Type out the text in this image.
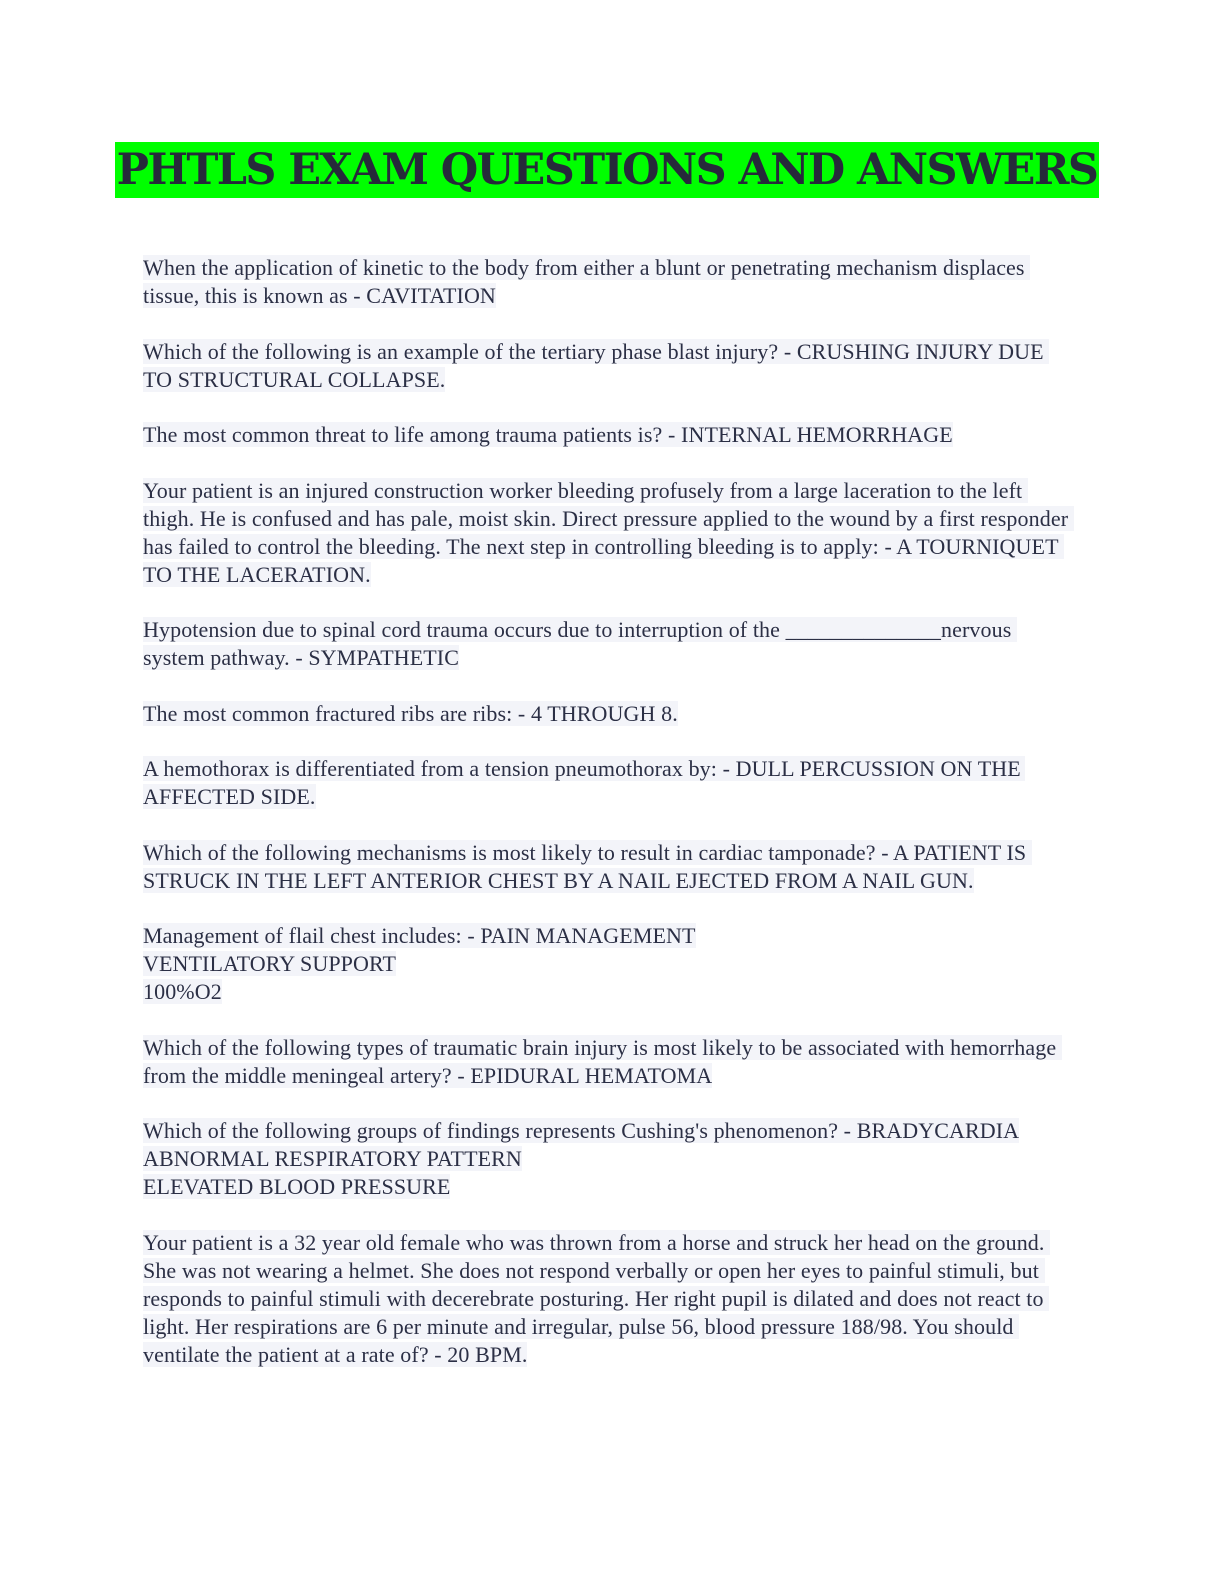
PHTLS EXAM QUESTIONS AND ANSWERS

When the application of kinetic to the body from either a blunt or penetrating mechanism displaces tissue, this is known as - CAVITATION

Which of the following is an example of the tertiary phase blast injury? - CRUSHING INJURY DUE TO STRUCTURAL COLLAPSE.

The most common threat to life among trauma patients is? - INTERNAL HEMORRHAGE

Your patient is an injured construction worker bleeding profusely from a large laceration to the left thigh. He is confused and has pale, moist skin. Direct pressure applied to the wound by a first responder has failed to control the bleeding. The next step in controlling bleeding is to apply: - A TOURNIQUET TO THE LACERATION.

Hypotension due to spinal cord trauma occurs due to interruption of the ______________nervous system pathway. - SYMPATHETIC

The most common fractured ribs are ribs: - 4 THROUGH 8.

A hemothorax is differentiated from a tension pneumothorax by: - DULL PERCUSSION ON THE AFFECTED SIDE.

Which of the following mechanisms is most likely to result in cardiac tamponade? - A PATIENT IS STRUCK IN THE LEFT ANTERIOR CHEST BY A NAIL EJECTED FROM A NAIL GUN.

Management of flail chest includes: - PAIN MANAGEMENT
VENTILATORY SUPPORT
100%O2

Which of the following types of traumatic brain injury is most likely to be associated with hemorrhage from the middle meningeal artery? - EPIDURAL HEMATOMA

Which of the following groups of findings represents Cushing's phenomenon? - BRADYCARDIA
ABNORMAL RESPIRATORY PATTERN
ELEVATED BLOOD PRESSURE

Your patient is a 32 year old female who was thrown from a horse and struck her head on the ground. She was not wearing a helmet. She does not respond verbally or open her eyes to painful stimuli, but responds to painful stimuli with decerebrate posturing. Her right pupil is dilated and does not react to light. Her respirations are 6 per minute and irregular, pulse 56, blood pressure 188/98. You should ventilate the patient at a rate of? - 20 BPM.
